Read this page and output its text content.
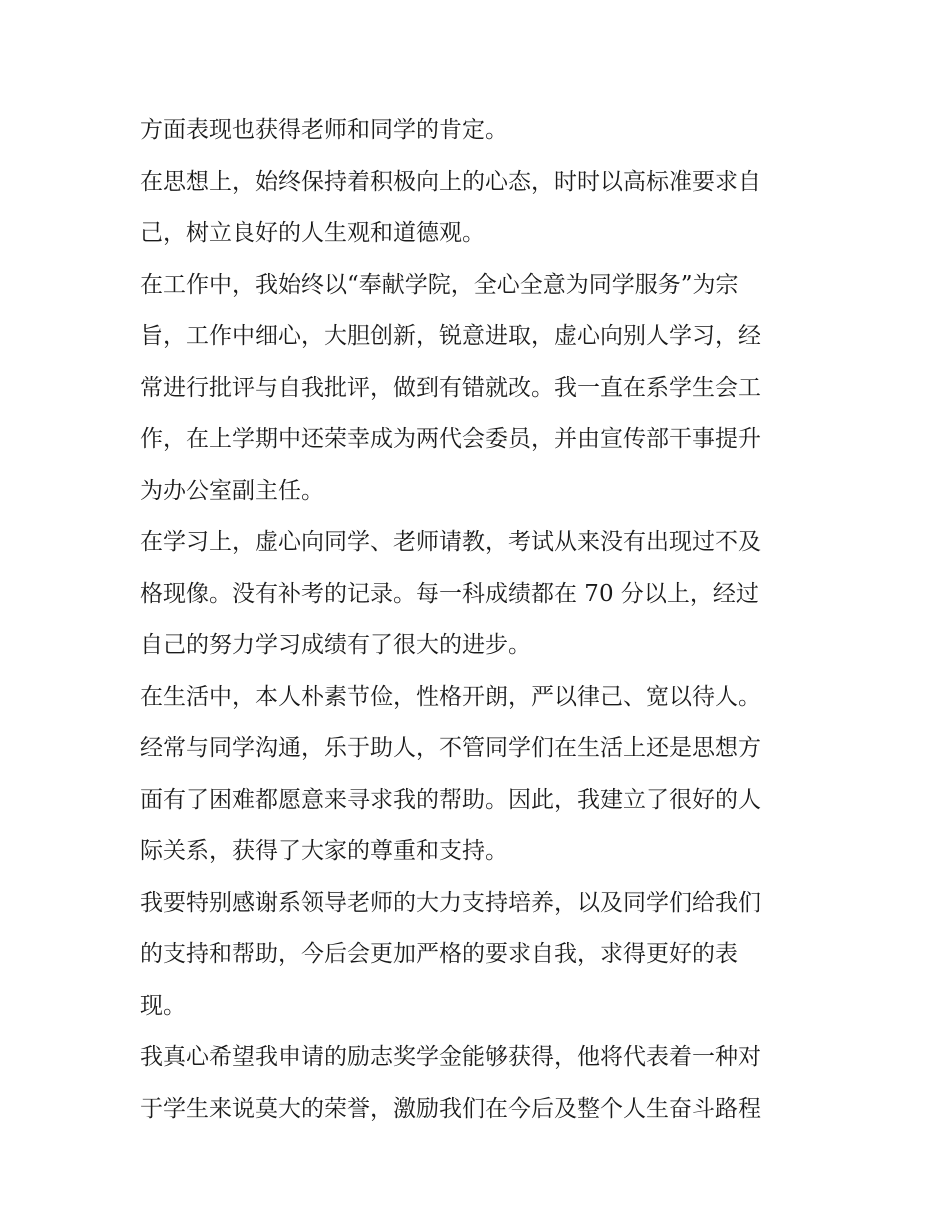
方面表现也获得老师和同学的肯定。
在思想上，始终保持着积极向上的心态，时时以高标准要求自
己，树立良好的人生观和道德观。
在工作中，我始终以“奉献学院，全心全意为同学服务”为宗
旨，工作中细心，大胆创新，锐意进取，虚心向别人学习，经
常进行批评与自我批评，做到有错就改。我一直在系学生会工
作，在上学期中还荣幸成为两代会委员，并由宣传部干事提升
为办公室副主任。
在学习上，虚心向同学、老师请教，考试从来没有出现过不及
格现像。没有补考的记录。每一科成绩都在 70 分以上，经过
自己的努力学习成绩有了很大的进步。
在生活中，本人朴素节俭，性格开朗，严以律己、宽以待人。
经常与同学沟通，乐于助人，不管同学们在生活上还是思想方
面有了困难都愿意来寻求我的帮助。因此，我建立了很好的人
际关系，获得了大家的尊重和支持。
我要特别感谢系领导老师的大力支持培养，以及同学们给我们
的支持和帮助，今后会更加严格的要求自我，求得更好的表
现。
我真心希望我申请的励志奖学金能够获得，他将代表着一种对
于学生来说莫大的荣誉，激励我们在今后及整个人生奋斗路程
